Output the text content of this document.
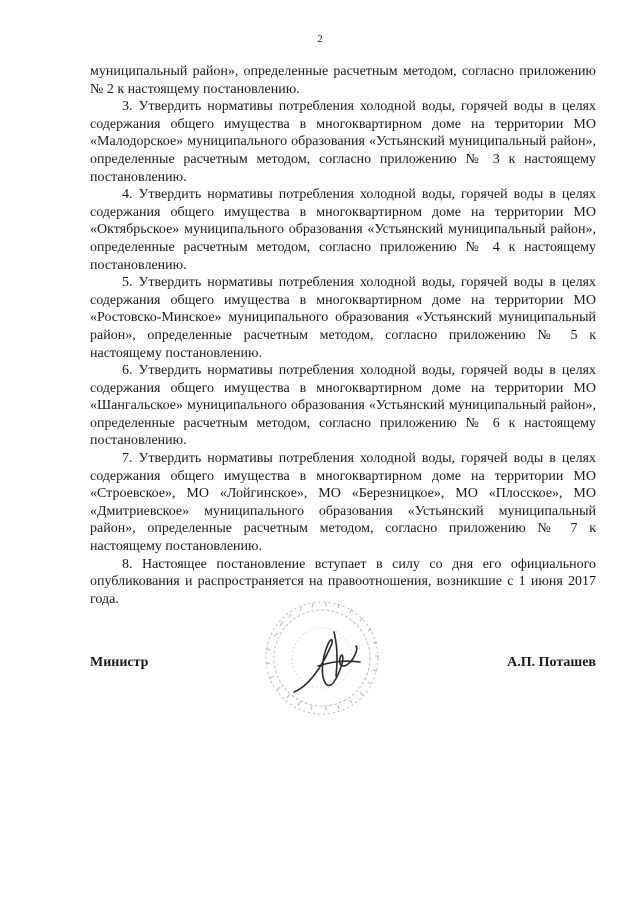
2

муниципальный район», определенные расчетным методом, согласно приложению № 2 к настоящему постановлению.

3. Утвердить нормативы потребления холодной воды, горячей воды в целях содержания общего имущества в многоквартирном доме на территории МО «Малодорское» муниципального образования «Устьянский муниципальный район», определенные расчетным методом, согласно приложению № 3 к настоящему постановлению.

4. Утвердить нормативы потребления холодной воды, горячей воды в целях содержания общего имущества в многоквартирном доме на территории МО «Октябрьское» муниципального образования «Устьянский муниципальный район», определенные расчетным методом, согласно приложению № 4 к настоящему постановлению.

5. Утвердить нормативы потребления холодной воды, горячей воды в целях содержания общего имущества в многоквартирном доме на территории МО «Ростовско-Минское» муниципального образования «Устьянский муниципальный район», определенные расчетным методом, согласно приложению № 5 к настоящему постановлению.

6. Утвердить нормативы потребления холодной воды, горячей воды в целях содержания общего имущества в многоквартирном доме на территории МО «Шангальское» муниципального образования «Устьянский муниципальный район», определенные расчетным методом, согласно приложению № 6 к настоящему постановлению.

7. Утвердить нормативы потребления холодной воды, горячей воды в целях содержания общего имущества в многоквартирном доме на территории МО «Строевское», МО «Лойгинское», МО «Березницкое», МО «Плосское», МО «Дмитриевское» муниципального образования «Устьянский муниципальный район», определенные расчетным методом, согласно приложению № 7 к настоящему постановлению.

8. Настоящее постановление вступает в силу со дня его официального опубликования и распространяется на правоотношения, возникшие с 1 июня 2017 года.

Министр	А.П. Поташев
